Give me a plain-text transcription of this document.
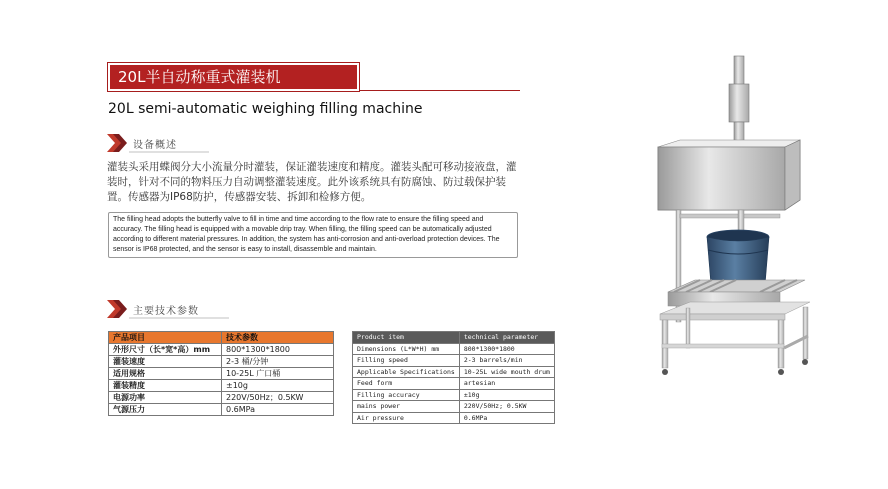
20L半自动称重式灌装机
20L semi-automatic weighing filling machine
设备概述
灌装头采用蝶阀分大小流量分时灌装，保证灌装速度和精度。灌装头配可移动接液盘，灌装时，针对不同的物料压力自动调整灌装速度。此外该系统具有防腐蚀、防过载保护装置。传感器为IP68防护，传感器安装、拆卸和检修方便。
The filling head adopts the butterfly valve to fill in time and time according to the flow rate to ensure the filling speed and accuracy. The filling head is equipped with a movable drip tray. When filling, the filling speed can be automatically adjusted according to different material pressures. In addition, the system has anti-corrosion and anti-overload protection devices. The sensor is IP68 protected, and the sensor is easy to install, disassemble and maintain.
主要技术参数
产品项目	技术参数
外形尺寸（长*宽*高）mm	800*1300*1800
灌装速度	2-3 桶/分钟
适用规格	10-25L 广口桶
灌装精度	±10g
电源功率	220V/50Hz；0.5KW
气源压力	0.6MPa
Product item	technical parameter
Dimensions (L*W*H) mm	800*1300*1800
Filling speed	2-3 barrels/min
Applicable Specifications	10-25L wide mouth drum
Feed form	artesian
Filling accuracy	±10g
mains power	220V/50Hz; 0.5KW
Air pressure	0.6MPa
